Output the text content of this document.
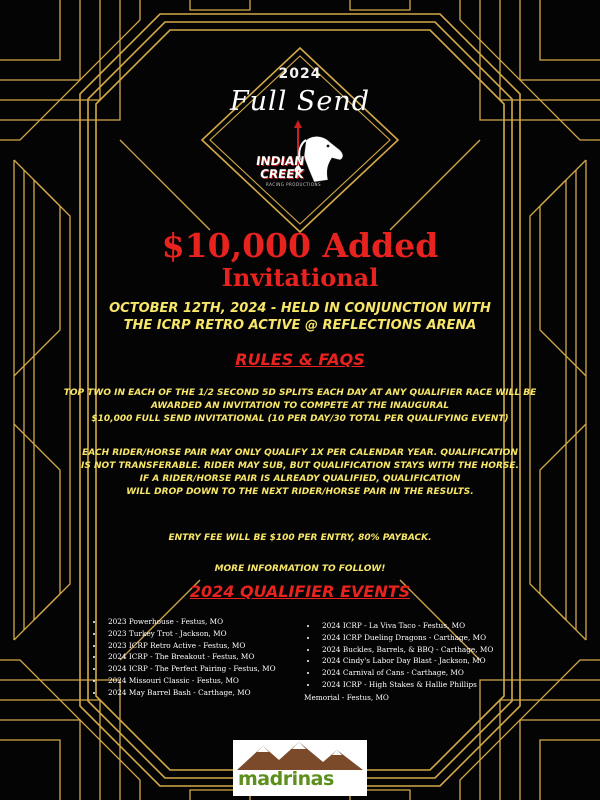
2024
Full Send
INDIAN
CREEK
RACING PRODUCTIONS
$10,000 Added
Invitational
OCTOBER 12TH, 2024 - HELD IN CONJUNCTION WITH
THE ICRP RETRO ACTIVE @ REFLECTIONS ARENA
RULES & FAQS
TOP TWO IN EACH OF THE 1/2 SECOND 5D SPLITS EACH DAY AT ANY QUALIFIER RACE WILL BE
AWARDED AN INVITATION TO COMPETE AT THE INAUGURAL
$10,000 FULL SEND INVITATIONAL (10 PER DAY/30 TOTAL PER QUALIFYING EVENT)
EACH RIDER/HORSE PAIR MAY ONLY QUALIFY 1X PER CALENDAR YEAR. QUALIFICATION
IS NOT TRANSFERABLE. RIDER MAY SUB, BUT QUALIFICATION STAYS WITH THE HORSE.
IF A RIDER/HORSE PAIR IS ALREADY QUALIFIED, QUALIFICATION
WILL DROP DOWN TO THE NEXT RIDER/HORSE PAIR IN THE RESULTS.
ENTRY FEE WILL BE $100 PER ENTRY, 80% PAYBACK.
MORE INFORMATION TO FOLLOW!
2024 QUALIFIER EVENTS
• 2023 Powerhouse - Festus, MO
• 2023 Turkey Trot - Jackson, MO
• 2023 ICRP Retro Active - Festus, MO
• 2024 ICRP - The Breakout - Festus, MO
• 2024 ICRP - The Perfect Pairing - Festus, MO
• 2024 Missouri Classic - Festus, MO
• 2024 May Barrel Bash - Carthage, MO
• 2024 ICRP - La Viva Taco - Festus, MO
• 2024 ICRP Dueling Dragons - Carthage, MO
• 2024 Buckles, Barrels, & BBQ - Carthage, MO
• 2024 Cindy's Labor Day Blast - Jackson, MO
• 2024 Carnival of Cans - Carthage, MO
• 2024 ICRP - High Stakes & Hallie Phillips
Memorial - Festus, MO
madrinas
